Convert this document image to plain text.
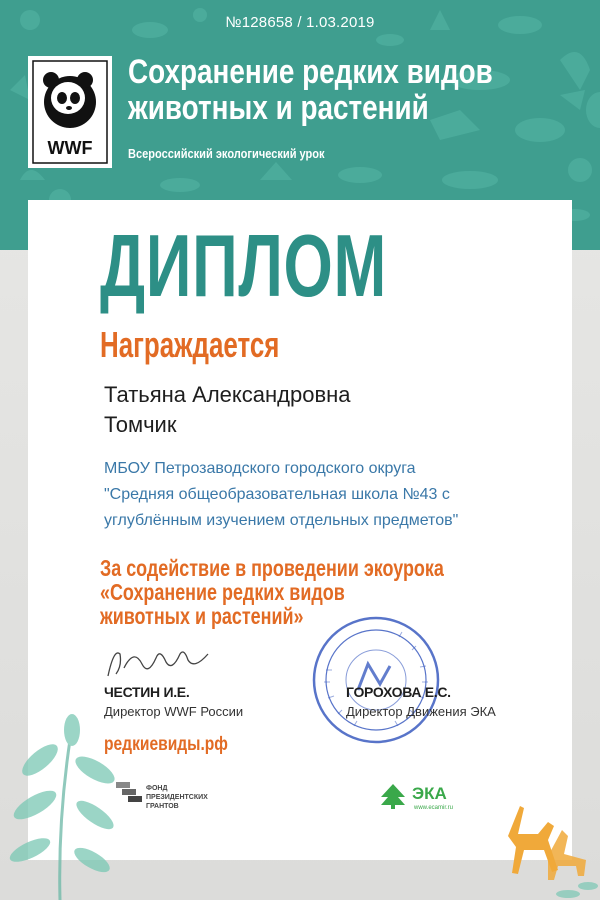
№128658 / 1.03.2019
WWF
Сохранение редких видов
животных и растений
Всероссийский экологический урок
ДИПЛОМ
Награждается
Татьяна Александровна
Томчик
МБОУ Петрозаводского городского округа
"Средняя общеобразовательная школа №43 с
углублённым изучением отдельных предметов"
За содействие в проведении экоурока
«Сохранение редких видов
животных и растений»
ЧЕСТИН И.Е.
Директор WWF России
ГОРОХОВА Е.С.
Директор Движения ЭКА
редкиевиды.рф
ФОНД
ПРЕЗИДЕНТСКИХ
ГРАНТОВ
ЭКА
www.ecamir.ru
